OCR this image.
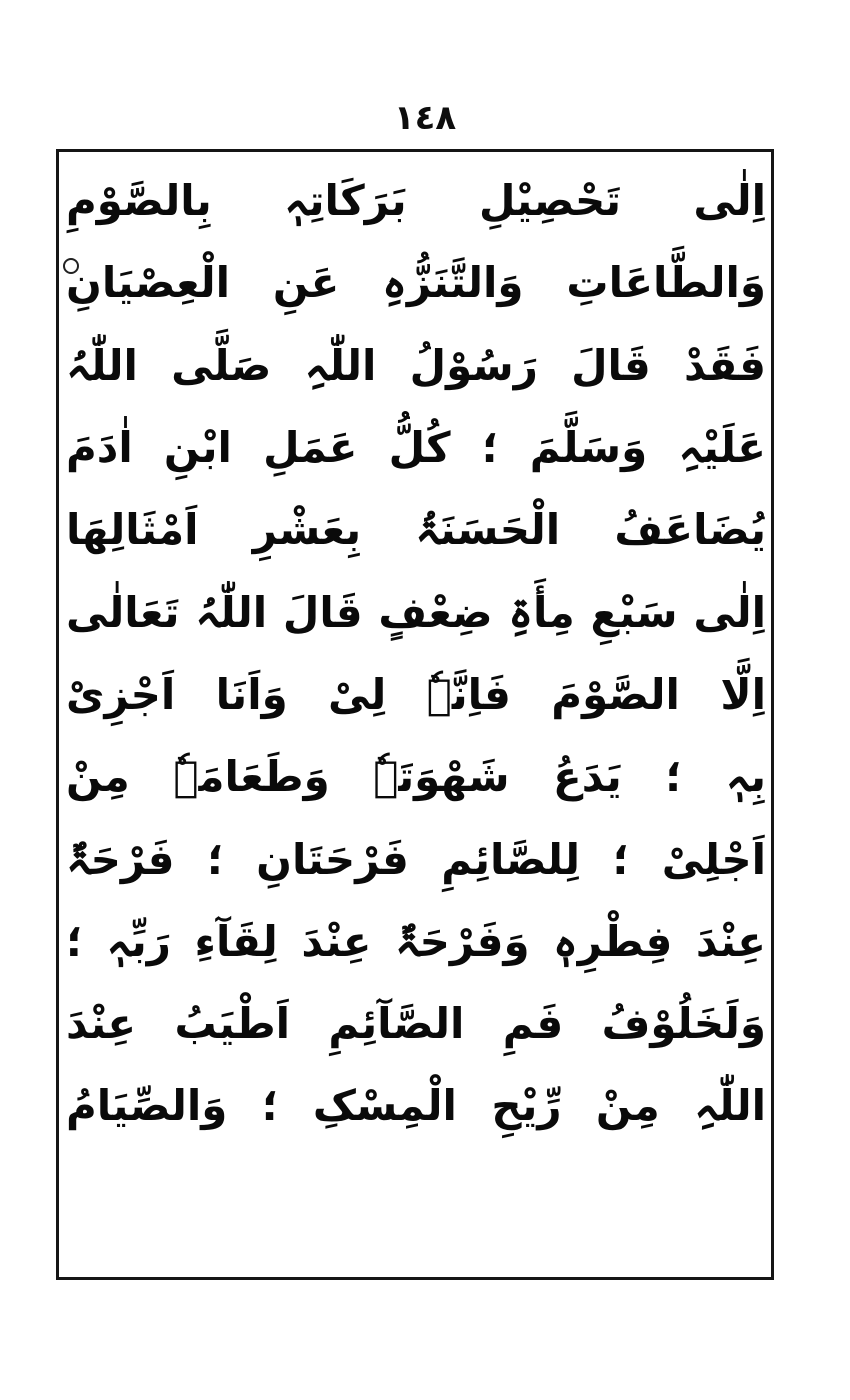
١٤٨
اِلٰی تَحْصِیْلِ بَرَکَاتِہٖ بِالصَّوْمِ
وَالطَّاعَاتِ وَالتَّنَزُّہِ عَنِ الْعِصْیَانِ
فَقَدْ قَالَ رَسُوْلُ اللّٰہِ صَلَّی اللّٰہُ
عَلَیْہِ وَسَلَّمَ ؛ کُلُّ عَمَلِ ابْنِ اٰدَمَ
یُضَاعَفُ الْحَسَنَۃُ بِعَشْرِ اَمْثَالِھَا
اِلٰی سَبْعِ مِأَۃِ ضِعْفٍ قَالَ اللّٰہُ تَعَالٰی
اِلَّا الصَّوْمَ فَاِنَّہٗ لِیْ وَاَنَا اَجْزِیْ
بِہٖ ؛ یَدَعُ شَھْوَتَہٗ وَطَعَامَہٗ مِنْ
اَجْلِیْ ؛ لِلصَّائِمِ فَرْحَتَانِ ؛ فَرْحَۃٌ
عِنْدَ فِطْرِہٖ وَفَرْحَۃٌ عِنْدَ لِقَآءِ رَبِّہٖ ؛
وَلَخَلُوْفُ فَمِ الصَّآئِمِ اَطْیَبُ عِنْدَ
اللّٰہِ مِنْ رِّیْحِ الْمِسْکِ ؛ وَالصِّیَامُ
